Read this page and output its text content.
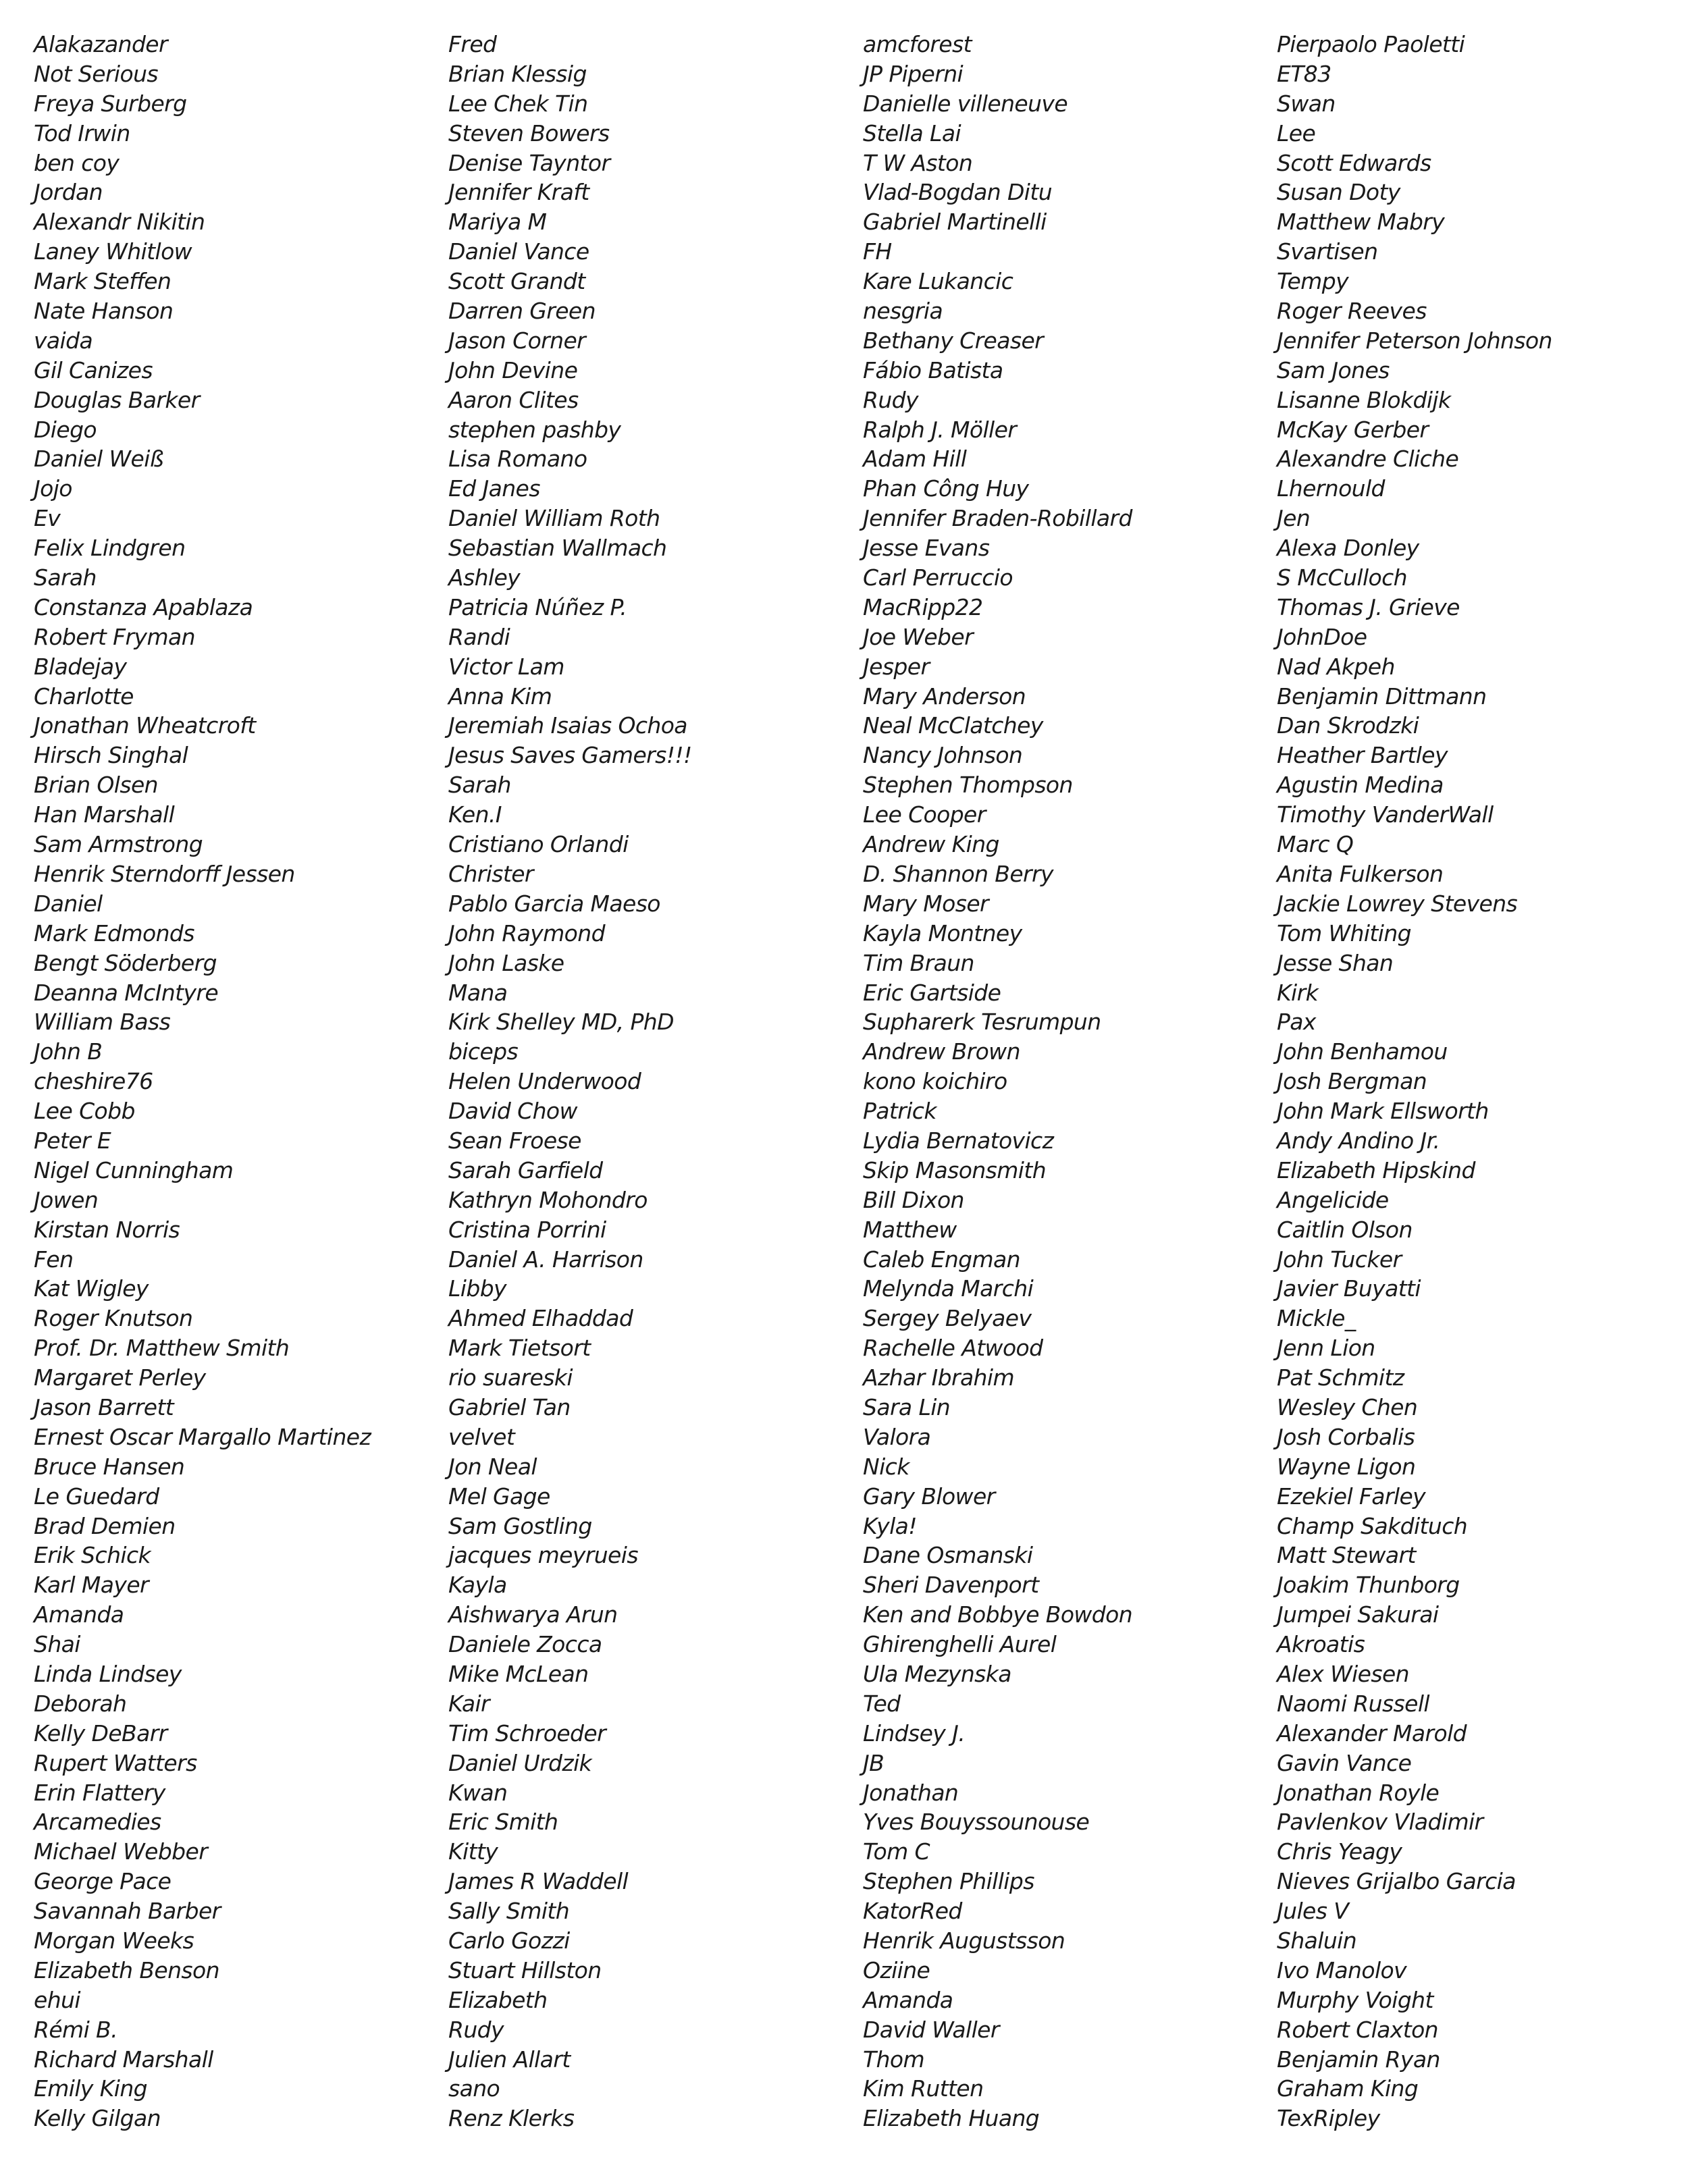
Alakazander
Not Serious
Freya Surberg
Tod Irwin
ben coy
Jordan
Alexandr Nikitin
Laney Whitlow
Mark Steffen
Nate Hanson
vaida
Gil Canizes
Douglas Barker
Diego
Daniel Weiß
Jojo
Ev
Felix Lindgren
Sarah
Constanza Apablaza
Robert Fryman
Bladejay
Charlotte
Jonathan Wheatcroft
Hirsch Singhal
Brian Olsen
Han Marshall
Sam Armstrong
Henrik Sterndorff Jessen
Daniel
Mark Edmonds
Bengt Söderberg
Deanna McIntyre
William Bass
John B
cheshire76
Lee Cobb
Peter E
Nigel Cunningham
Jowen
Kirstan Norris
Fen
Kat Wigley
Roger Knutson
Prof. Dr. Matthew Smith
Margaret Perley
Jason Barrett
Ernest Oscar Margallo Martinez
Bruce Hansen
Le Guedard
Brad Demien
Erik Schick
Karl Mayer
Amanda
Shai
Linda Lindsey
Deborah
Kelly DeBarr
Rupert Watters
Erin Flattery
Arcamedies
Michael Webber
George Pace
Savannah Barber
Morgan Weeks
Elizabeth Benson
ehui
Rémi B.
Richard Marshall
Emily King
Kelly Gilgan
Fred
Brian Klessig
Lee Chek Tin
Steven Bowers
Denise Tayntor
Jennifer Kraft
Mariya M
Daniel Vance
Scott Grandt
Darren Green
Jason Corner
John Devine
Aaron Clites
stephen pashby
Lisa Romano
Ed Janes
Daniel William Roth
Sebastian Wallmach
Ashley
Patricia Núñez P.
Randi
Victor Lam
Anna Kim
Jeremiah Isaias Ochoa
Jesus Saves Gamers!!!
Sarah
Ken.I
Cristiano Orlandi
Christer
Pablo Garcia Maeso
John Raymond
John Laske
Mana
Kirk Shelley MD, PhD
biceps
Helen Underwood
David Chow
Sean Froese
Sarah Garfield
Kathryn Mohondro
Cristina Porrini
Daniel A. Harrison
Libby
Ahmed Elhaddad
Mark Tietsort
rio suareski
Gabriel Tan
velvet
Jon Neal
Mel Gage
Sam Gostling
jacques meyrueis
Kayla
Aishwarya Arun
Daniele Zocca
Mike McLean
Kair
Tim Schroeder
Daniel Urdzik
Kwan
Eric Smith
Kitty
James R Waddell
Sally Smith
Carlo Gozzi
Stuart Hillston
Elizabeth
Rudy
Julien Allart
sano
Renz Klerks
amcforest
JP Piperni
Danielle villeneuve
Stella Lai
T W Aston
Vlad-Bogdan Ditu
Gabriel Martinelli
FH
Kare Lukancic
nesgria
Bethany Creaser
Fábio Batista
Rudy
Ralph J. Möller
Adam Hill
Phan Công Huy
Jennifer Braden-Robillard
Jesse Evans
Carl Perruccio
MacRipp22
Joe Weber
Jesper
Mary Anderson
Neal McClatchey
Nancy Johnson
Stephen Thompson
Lee Cooper
Andrew King
D. Shannon Berry
Mary Moser
Kayla Montney
Tim Braun
Eric Gartside
Supharerk Tesrumpun
Andrew Brown
kono koichiro
Patrick
Lydia Bernatovicz
Skip Masonsmith
Bill Dixon
Matthew
Caleb Engman
Melynda Marchi
Sergey Belyaev
Rachelle Atwood
Azhar Ibrahim
Sara Lin
Valora
Nick
Gary Blower
Kyla!
Dane Osmanski
Sheri Davenport
Ken and Bobbye Bowdon
Ghirenghelli Aurel
Ula Mezynska
Ted
Lindsey J.
JB
Jonathan
Yves Bouyssounouse
Tom C
Stephen Phillips
KatorRed
Henrik Augustsson
Oziine
Amanda
David Waller
Thom
Kim Rutten
Elizabeth Huang
Pierpaolo Paoletti
ET83
Swan
Lee
Scott Edwards
Susan Doty
Matthew Mabry
Svartisen
Tempy
Roger Reeves
Jennifer Peterson Johnson
Sam Jones
Lisanne Blokdijk
McKay Gerber
Alexandre Cliche
Lhernould
Jen
Alexa Donley
S McCulloch
Thomas J. Grieve
JohnDoe
Nad Akpeh
Benjamin Dittmann
Dan Skrodzki
Heather Bartley
Agustin Medina
Timothy VanderWall
Marc Q
Anita Fulkerson
Jackie Lowrey Stevens
Tom Whiting
Jesse Shan
Kirk
Pax
John Benhamou
Josh Bergman
John Mark Ellsworth
Andy Andino Jr.
Elizabeth Hipskind
Angelicide
Caitlin Olson
John Tucker
Javier Buyatti
Mickle_
Jenn Lion
Pat Schmitz
Wesley Chen
Josh Corbalis
Wayne Ligon
Ezekiel Farley
Champ Sakdituch
Matt Stewart
Joakim Thunborg
Jumpei Sakurai
Akroatis
Alex Wiesen
Naomi Russell
Alexander Marold
Gavin Vance
Jonathan Royle
Pavlenkov Vladimir
Chris Yeagy
Nieves Grijalbo Garcia
Jules V
Shaluin
Ivo Manolov
Murphy Voight
Robert Claxton
Benjamin Ryan
Graham King
TexRipley
